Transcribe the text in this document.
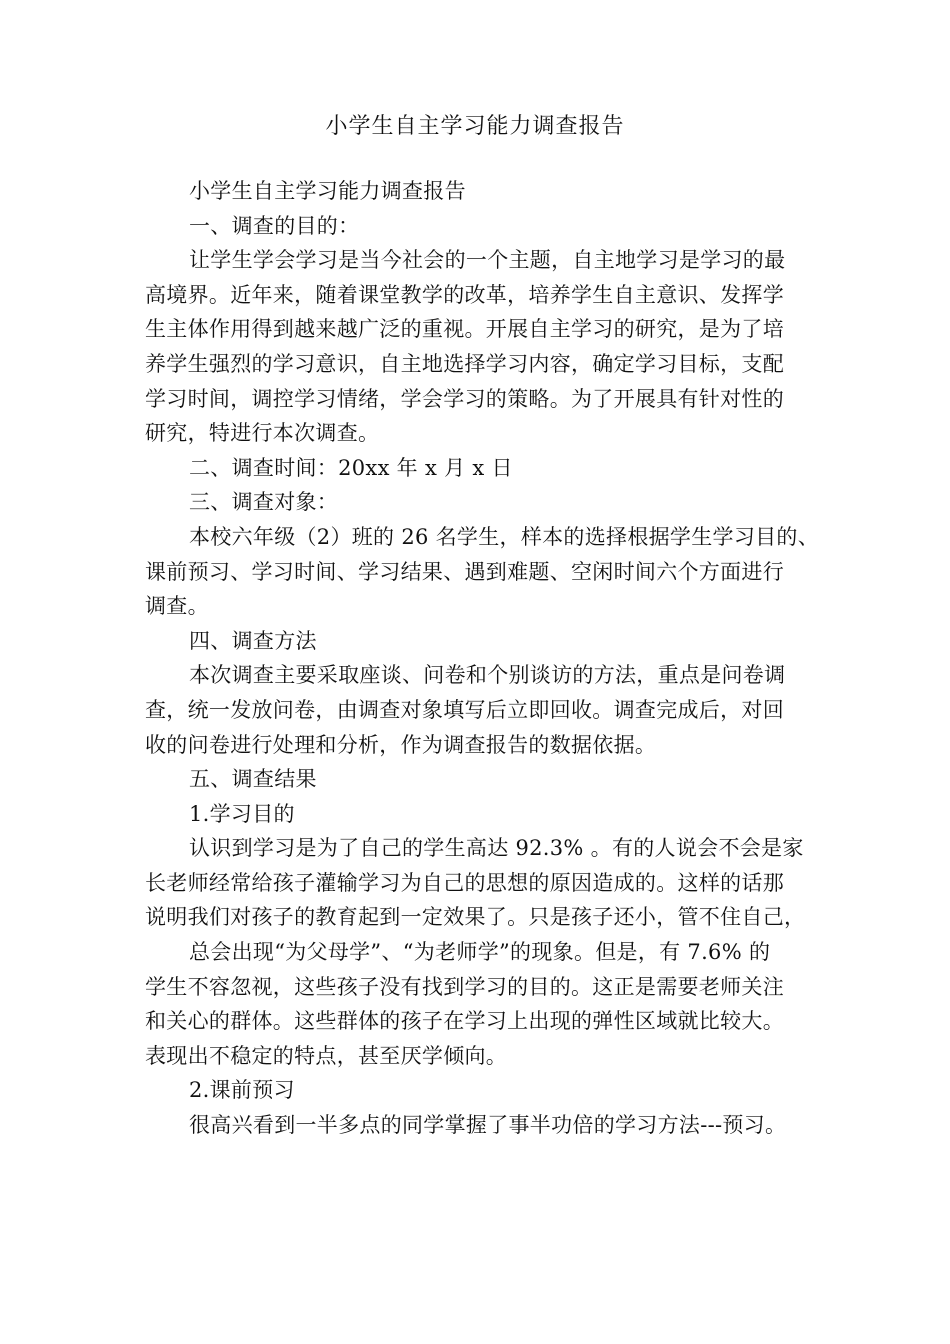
小学生自主学习能力调查报告

小学生自主学习能力调查报告

一、调查的目的：

让学生学会学习是当今社会的一个主题，自主地学习是学习的最

高境界。近年来，随着课堂教学的改革，培养学生自主意识、发挥学

生主体作用得到越来越广泛的重视。开展自主学习的研究，是为了培

养学生强烈的学习意识，自主地选择学习内容，确定学习目标，支配

学习时间，调控学习情绪，学会学习的策略。为了开展具有针对性的

研究，特进行本次调查。

二、调查时间：20xx 年 x 月 x 日

三、调查对象：

本校六年级（2）班的 26 名学生，样本的选择根据学生学习目的、

课前预习、学习时间、学习结果、遇到难题、空闲时间六个方面进行

调查。

四、调查方法

本次调查主要采取座谈、问卷和个别谈访的方法，重点是问卷调

查，统一发放问卷，由调查对象填写后立即回收。调查完成后，对回

收的问卷进行处理和分析，作为调查报告的数据依据。

五、调查结果

1.学习目的

认识到学习是为了自己的学生高达 92.3% 。有的人说会不会是家

长老师经常给孩子灌输学习为自己的思想的原因造成的。这样的话那

说明我们对孩子的教育起到一定效果了。只是孩子还小，管不住自己，

总会出现“为父母学”、“为老师学”的现象。但是，有 7.6% 的

学生不容忽视，这些孩子没有找到学习的目的。这正是需要老师关注

和关心的群体。这些群体的孩子在学习上出现的弹性区域就比较大。

表现出不稳定的特点，甚至厌学倾向。

2.课前预习

很高兴看到一半多点的同学掌握了事半功倍的学习方法---预习。
